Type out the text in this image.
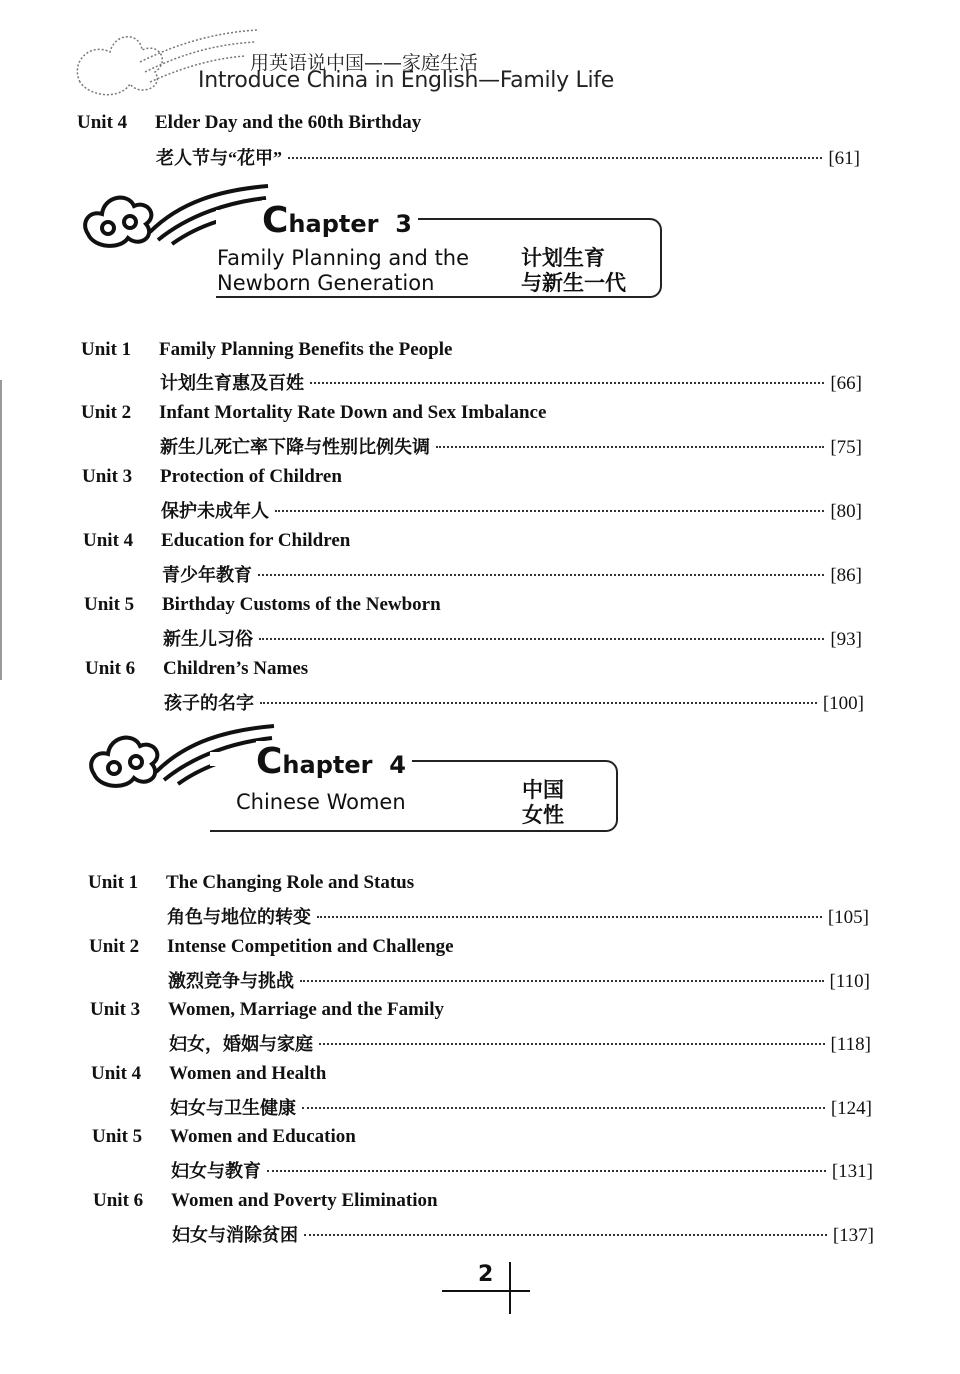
用英语说中国——家庭生活
Introduce China in English—Family Life
Unit 4 Elder Day and the 60th Birthday
老人节与“花甲”	[61]
Chapter 3
Family Planning and the
Newborn Generation
计划生育
与新生一代
Unit 1 Family Planning Benefits the People
计划生育惠及百姓	[66]
Unit 2 Infant Mortality Rate Down and Sex Imbalance
新生儿死亡率下降与性别比例失调	[75]
Unit 3 Protection of Children
保护未成年人	[80]
Unit 4 Education for Children
青少年教育	[86]
Unit 5 Birthday Customs of the Newborn
新生儿习俗	[93]
Unit 6 Children’s Names
孩子的名字	[100]
Chapter 4
Chinese Women	中国
女性
Unit 1 The Changing Role and Status
角色与地位的转变	[105]
Unit 2 Intense Competition and Challenge
激烈竞争与挑战	[110]
Unit 3 Women, Marriage and the Family
妇女，婚姻与家庭	[118]
Unit 4 Women and Health
妇女与卫生健康	[124]
Unit 5 Women and Education
妇女与教育	[131]
Unit 6 Women and Poverty Elimination
妇女与消除贫困	[137]
2
